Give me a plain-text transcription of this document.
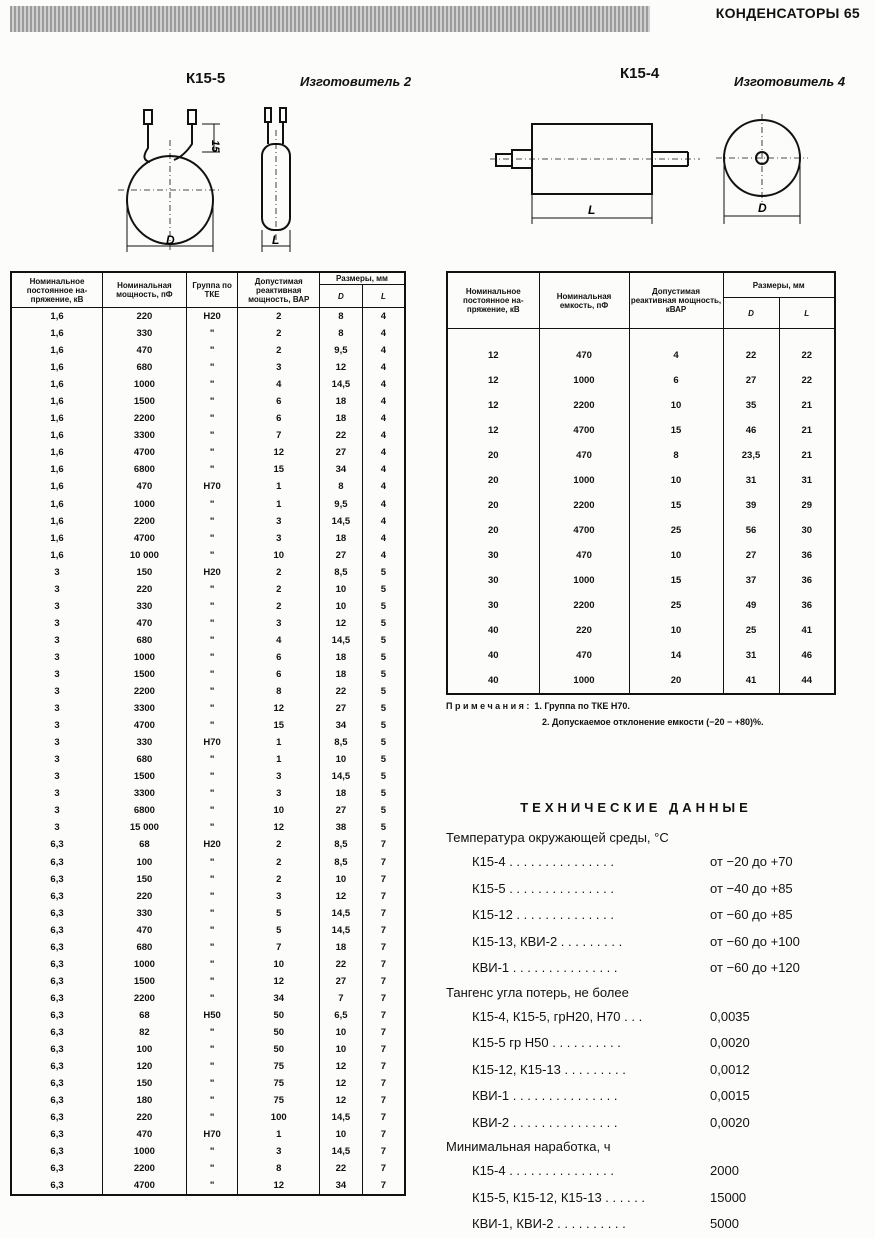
КОНДЕНСАТОРЫ 65
К15-5	Изготовитель 2
15
D	L
Номинальное постоянное на-пряжение, кВ	Номинальная мощность, пФ	Группа по ТКЕ	Допустимая реактивная мощность, ВАР	Размеры, мм	
				D	L
1,6	220	Н20	2	8	4
1,6	330	"	2	8	4
1,6	470	"	2	9,5	4
1,6	680	"	3	12	4
1,6	1000	"	4	14,5	4
1,6	1500	"	6	18	4
1,6	2200	"	6	18	4
1,6	3300	"	7	22	4
1,6	4700	"	12	27	4
1,6	6800	"	15	34	4
1,6	470	Н70	1	8	4
1,6	1000	"	1	9,5	4
1,6	2200	"	3	14,5	4
1,6	4700	"	3	18	4
1,6	10 000	"	10	27	4
3	150	Н20	2	8,5	5
3	220	"	2	10	5
3	330	"	2	10	5
3	470	"	3	12	5
3	680	"	4	14,5	5
3	1000	"	6	18	5
3	1500	"	6	18	5
3	2200	"	8	22	5
3	3300	"	12	27	5
3	4700	"	15	34	5
3	330	Н70	1	8,5	5
3	680	"	1	10	5
3	1500	"	3	14,5	5
3	3300	"	3	18	5
3	6800	"	10	27	5
3	15 000	"	12	38	5
6,3	68	Н20	2	8,5	7
6,3	100	"	2	8,5	7
6,3	150	"	2	10	7
6,3	220	"	3	12	7
6,3	330	"	5	14,5	7
6,3	470	"	5	14,5	7
6,3	680	"	7	18	7
6,3	1000	"	10	22	7
6,3	1500	"	12	27	7
6,3	2200	"	34	7	7
6,3	68	Н50	50	6,5	7
6,3	82	"	50	10	7
6,3	100	"	50	10	7
6,3	120	"	75	12	7
6,3	150	"	75	12	7
6,3	180	"	75	12	7
6,3	220	"	100	14,5	7
6,3	470	Н70	1	10	7
6,3	1000	"	3	14,5	7
6,3	2200	"	8	22	7
6,3	4700	"	12	34	7
К15-4	Изготовитель 4
L	D
Номинальное постоянное на-пряжение, кВ	Номинальная емкость, пФ	Допустимая реактивная мощность, кВАР	Размеры, мм	
			D	L
12	470	4	22	22
12	1000	6	27	22
12	2200	10	35	21
12	4700	15	46	21
20	470	8	23,5	21
20	1000	10	31	31
20	2200	15	39	29
20	4700	25	56	30
30	470	10	27	36
30	1000	15	37	36
30	2200	25	49	36
40	220	10	25	41
40	470	14	31	46
40	1000	20	41	44
Примечания: 1. Группа по ТКЕ Н70.
2. Допускаемое отклонение емкости (−20 − +80)%.
ТЕХНИЧЕСКИЕ ДАННЫЕ
Температура окружающей среды, °С
К15-4 . . . . . . . . . . . . . . .	от −20 до +70
К15-5 . . . . . . . . . . . . . . .	от −40 до +85
К15-12 . . . . . . . . . . . . . .	от −60 до +85
К15-13, КВИ-2 . . . . . . . . .	от −60 до +100
КВИ-1 . . . . . . . . . . . . . . .	от −60 до +120
Тангенс угла потерь, не более
К15-4, К15-5, грН20, Н70 . . .	0,0035
К15-5 гр Н50 . . . . . . . . . .	0,0020
К15-12, К15-13 . . . . . . . . .	0,0012
КВИ-1 . . . . . . . . . . . . . . .	0,0015
КВИ-2 . . . . . . . . . . . . . . .	0,0020
Минимальная наработка, ч
К15-4 . . . . . . . . . . . . . . .	2000
К15-5, К15-12, К15-13 . . . . . .	15000
КВИ-1, КВИ-2 . . . . . . . . . .	5000
